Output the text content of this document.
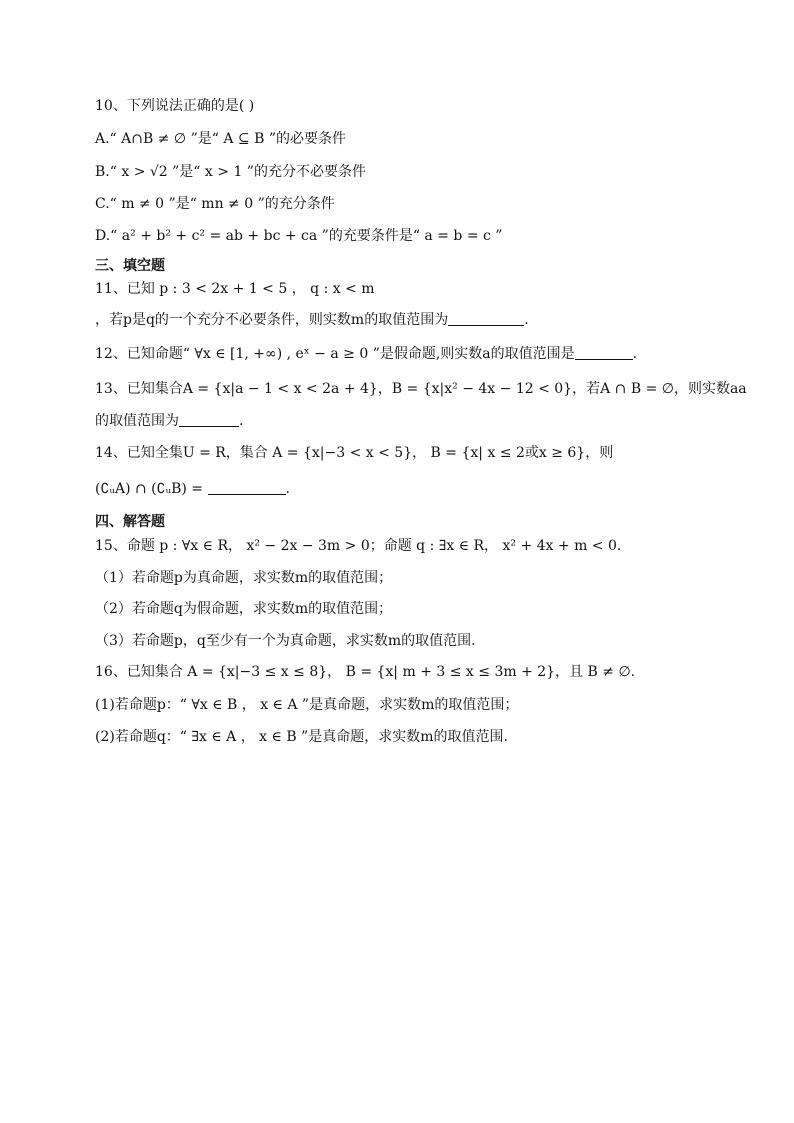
10、下列说法正确的是( )
A.“ A∩B ≠ ∅ ”是“ A ⊆ B ”的必要条件
B.“ x > √2 ”是“ x > 1 ”的充分不必要条件
C.“ m ≠ 0 ”是“ mn ≠ 0 ”的充分条件
D.“ a² + b² + c² = ab + bc + ca ”的充要条件是“ a = b = c ”
三、填空题
11、已知 p : 3 < 2x + 1 < 5 ， q : x < m
，若p是q的一个充分不必要条件，则实数m的取值范围为	.
12、已知命题“ ∀x ∈ [1, +∞) , eˣ − a ≥ 0 ”是假命题,则实数a的取值范围是	.
13、已知集合A = {x|a − 1 < x < 2a + 4}，B = {x|x² − 4x − 12 < 0}，若A ∩ B = ∅，则实数aa
的取值范围为	.
14、已知全集U = R，集合 A = {x|−3 < x < 5}， B = {x| x ≤ 2或x ≥ 6}，则
(∁ᵤA) ∩ (∁ᵤB) =	.
四、解答题
15、命题 p : ∀x ∈ R， x² − 2x − 3m > 0；命题 q : ∃x ∈ R， x² + 4x + m < 0.
（1）若命题p为真命题，求实数m的取值范围；
（2）若命题q为假命题，求实数m的取值范围；
（3）若命题p，q至少有一个为真命题，求实数m的取值范围.
16、已知集合 A = {x|−3 ≤ x ≤ 8}， B = {x| m + 3 ≤ x ≤ 3m + 2}，且 B ≠ ∅.
(1)若命题p：“ ∀x ∈ B ， x ∈ A ”是真命题，求实数m的取值范围；
(2)若命题q：“ ∃x ∈ A ， x ∈ B ”是真命题，求实数m的取值范围.
